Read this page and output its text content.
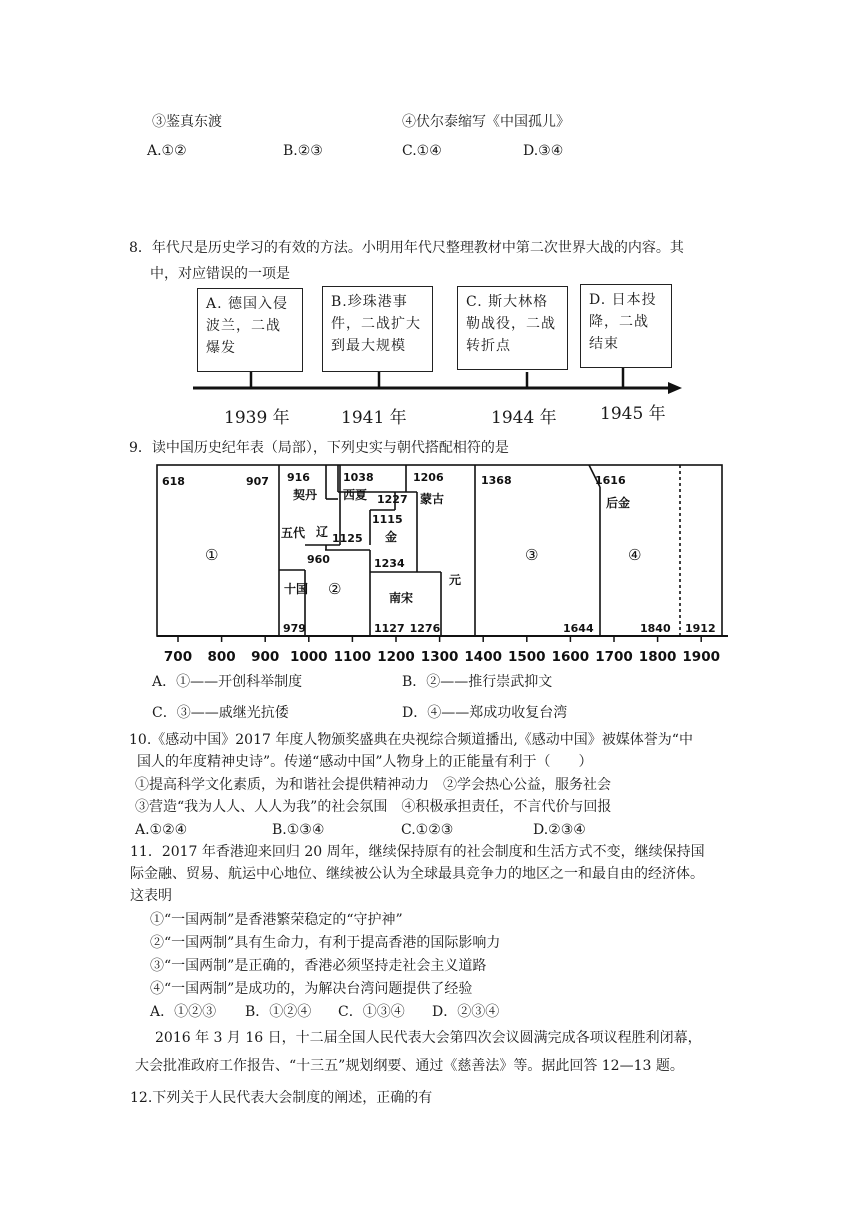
③鉴真东渡	④伏尔泰缩写《中国孤儿》
A.①②	B.②③	C.①④	D.③④
8．年代尺是历史学习的有效的方法。小明用年代尺整理教材中第二次世界大战的内容。其
中，对应错误的一项是
A. 德国入侵波兰，二战爆发
B.珍珠港事件，二战扩大到最大规模
C. 斯大林格勒战役，二战转折点
D. 日本投降，二战结束
1939 年	1941 年	1944 年	1945 年
9．读中国历史纪年表（局部），下列史实与朝代搭配相符的是
700 800 900 1000 1100 1200 1300 1400 1500 1600 1700 1800 1900
618	907 916
契丹
1038
西夏 1227
1206
蒙古
1368	1616
后金
五代 辽 1125
1115
金
960	1234
元
十国
南宋
979	1127 1276	1644	1840 1912
①
②
③	④
A．①——开创科举制度	B．②——推行崇武抑文
C．③——戚继光抗倭	D．④——郑成功收复台湾
10.《感动中国》2017 年度人物颁奖盛典在央视综合频道播出,《感动中国》被媒体誉为“中
国人的年度精神史诗”。传递“感动中国”人物身上的正能量有利于（　　）
①提高科学文化素质，为和谐社会提供精神动力　②学会热心公益，服务社会
③营造“我为人人、人人为我”的社会氛围　④积极承担责任，不言代价与回报
A.①②④	B.①③④	C.①②③	D.②③④
11．2017 年香港迎来回归 20 周年，继续保持原有的社会制度和生活方式不变，继续保持国
际金融、贸易、航运中心地位、继续被公认为全球最具竞争力的地区之一和最自由的经济体。
这表明
①“一国两制”是香港繁荣稳定的“守护神”
②“一国两制”具有生命力，有利于提高香港的国际影响力
③“一国两制”是正确的，香港必须坚持走社会主义道路
④“一国两制”是成功的，为解决台湾问题提供了经验
A．①②③ B．①②④ C．①③④ D．②③④
2016 年 3 月 16 日，十二届全国人民代表大会第四次会议圆满完成各项议程胜利闭幕，
大会批准政府工作报告、“十三五”规划纲要、通过《慈善法》等。据此回答 12—13 题。
12.下列关于人民代表大会制度的阐述，正确的有
